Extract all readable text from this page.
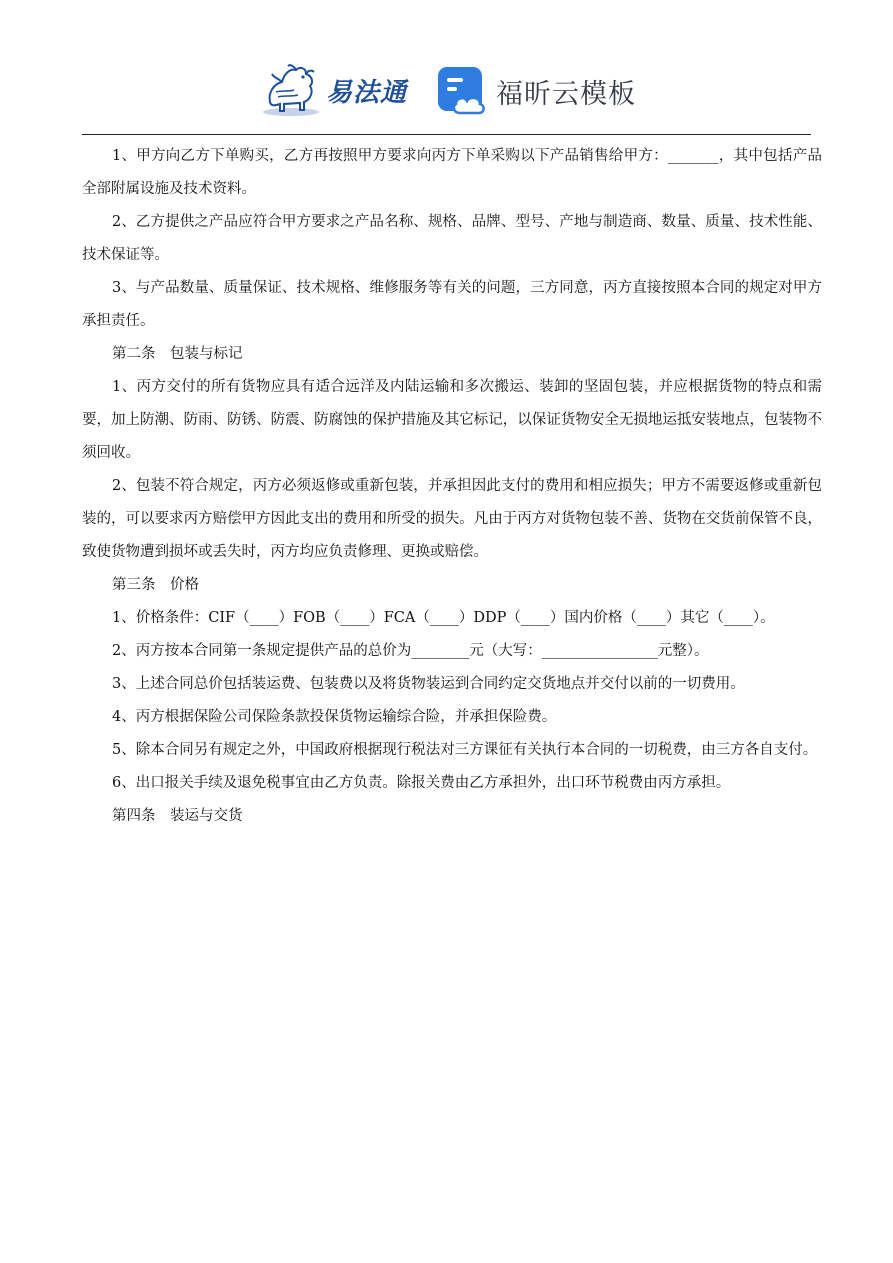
易法通	福昕云模板

1、甲方向乙方下单购买，乙方再按照甲方要求向丙方下单采购以下产品销售给甲方：_______，其中包括产品全部附属设施及技术资料。

2、乙方提供之产品应符合甲方要求之产品名称、规格、品牌、型号、产地与制造商、数量、质量、技术性能、技术保证等。

3、与产品数量、质量保证、技术规格、维修服务等有关的问题，三方同意，丙方直接按照本合同的规定对甲方承担责任。

第二条　包装与标记

1、丙方交付的所有货物应具有适合远洋及内陆运输和多次搬运、装卸的坚固包装，并应根据货物的特点和需要，加上防潮、防雨、防锈、防震、防腐蚀的保护措施及其它标记，以保证货物安全无损地运抵安装地点，包装物不须回收。

2、包装不符合规定，丙方必须返修或重新包装，并承担因此支付的费用和相应损失；甲方不需要返修或重新包装的，可以要求丙方赔偿甲方因此支出的费用和所受的损失。凡由于丙方对货物包装不善、货物在交货前保管不良，致使货物遭到损坏或丢失时，丙方均应负责修理、更换或赔偿。

第三条　价格

1、价格条件：CIF（____）FOB（____）FCA（____）DDP（____）国内价格（____）其它（____）。

2、丙方按本合同第一条规定提供产品的总价为________元（大写：________________元整）。

3、上述合同总价包括装运费、包装费以及将货物装运到合同约定交货地点并交付以前的一切费用。

4、丙方根据保险公司保险条款投保货物运输综合险，并承担保险费。

5、除本合同另有规定之外，中国政府根据现行税法对三方课征有关执行本合同的一切税费，由三方各自支付。

6、出口报关手续及退免税事宜由乙方负责。除报关费由乙方承担外，出口环节税费由丙方承担。

第四条　装运与交货
